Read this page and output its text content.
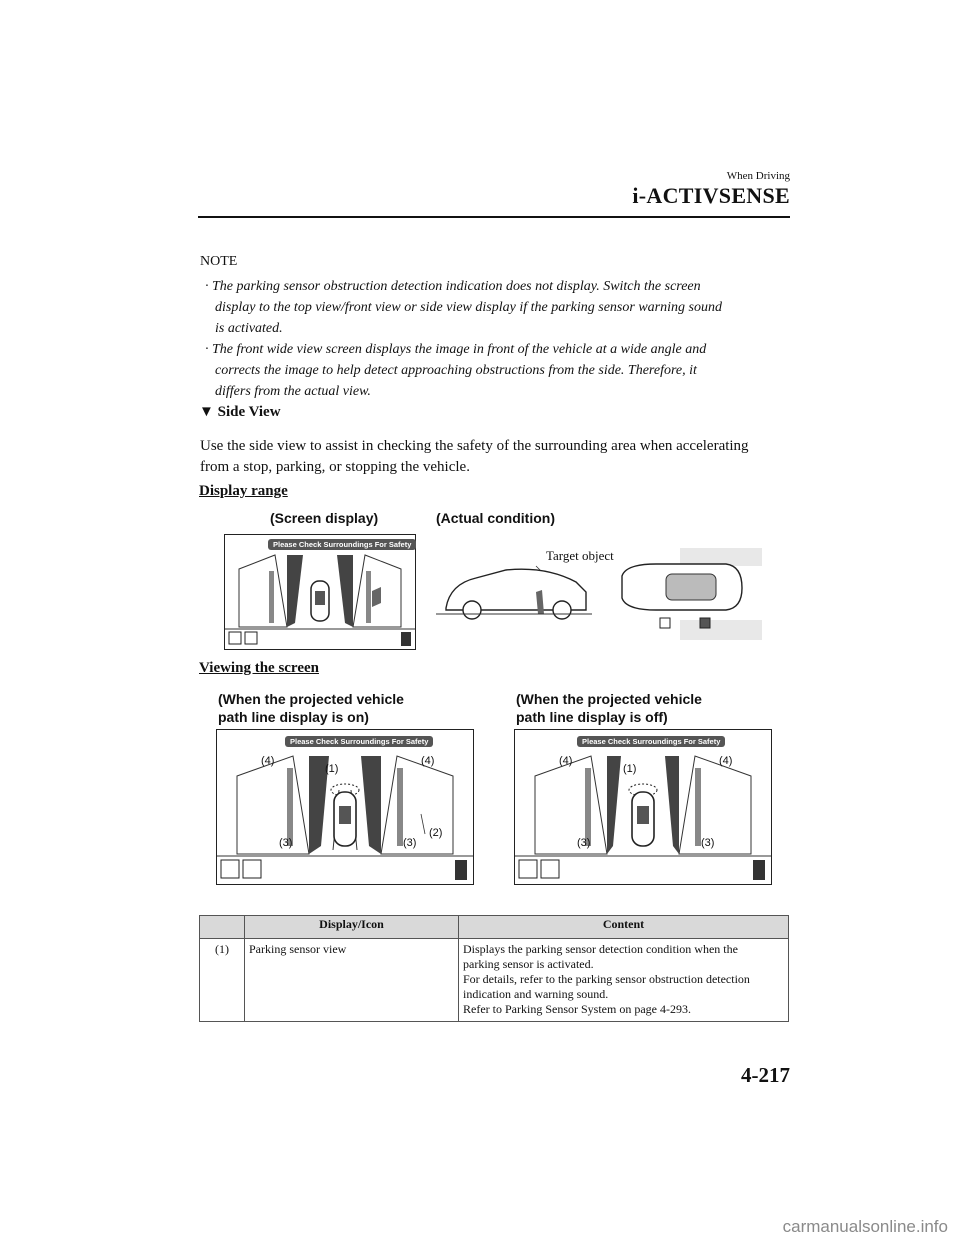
When Driving
i-ACTIVSENSE
NOTE
· The parking sensor obstruction detection indication does not display. Switch the screen
display to the top view/front view or side view display if the parking sensor warning sound
is activated.
· The front wide view screen displays the image in front of the vehicle at a wide angle and
corrects the image to help detect approaching obstructions from the side. Therefore, it
differs from the actual view.
▼ Side View
Use the side view to assist in checking the safety of the surrounding area when accelerating
from a stop, parking, or stopping the vehicle.
Display range
(Screen display)	(Actual condition)
Please Check Surroundings For Safety
Target object
Viewing the screen
(When the projected vehicle
path line display is on)
(When the projected vehicle
path line display is off)
Please Check Surroundings For Safety
(4)
(1)
(4)
(2)
(3)	(3)
Please Check Surroundings For Safety
(4)
(1)
(4)
(3)	(3)
	Display/Icon	Content
(1)	Parking sensor view	Displays the parking sensor detection condition when the
parking sensor is activated.
For details, refer to the parking sensor obstruction detection
indication and warning sound.
Refer to Parking Sensor System on page 4-293.
4-217
carmanualsonline.info
